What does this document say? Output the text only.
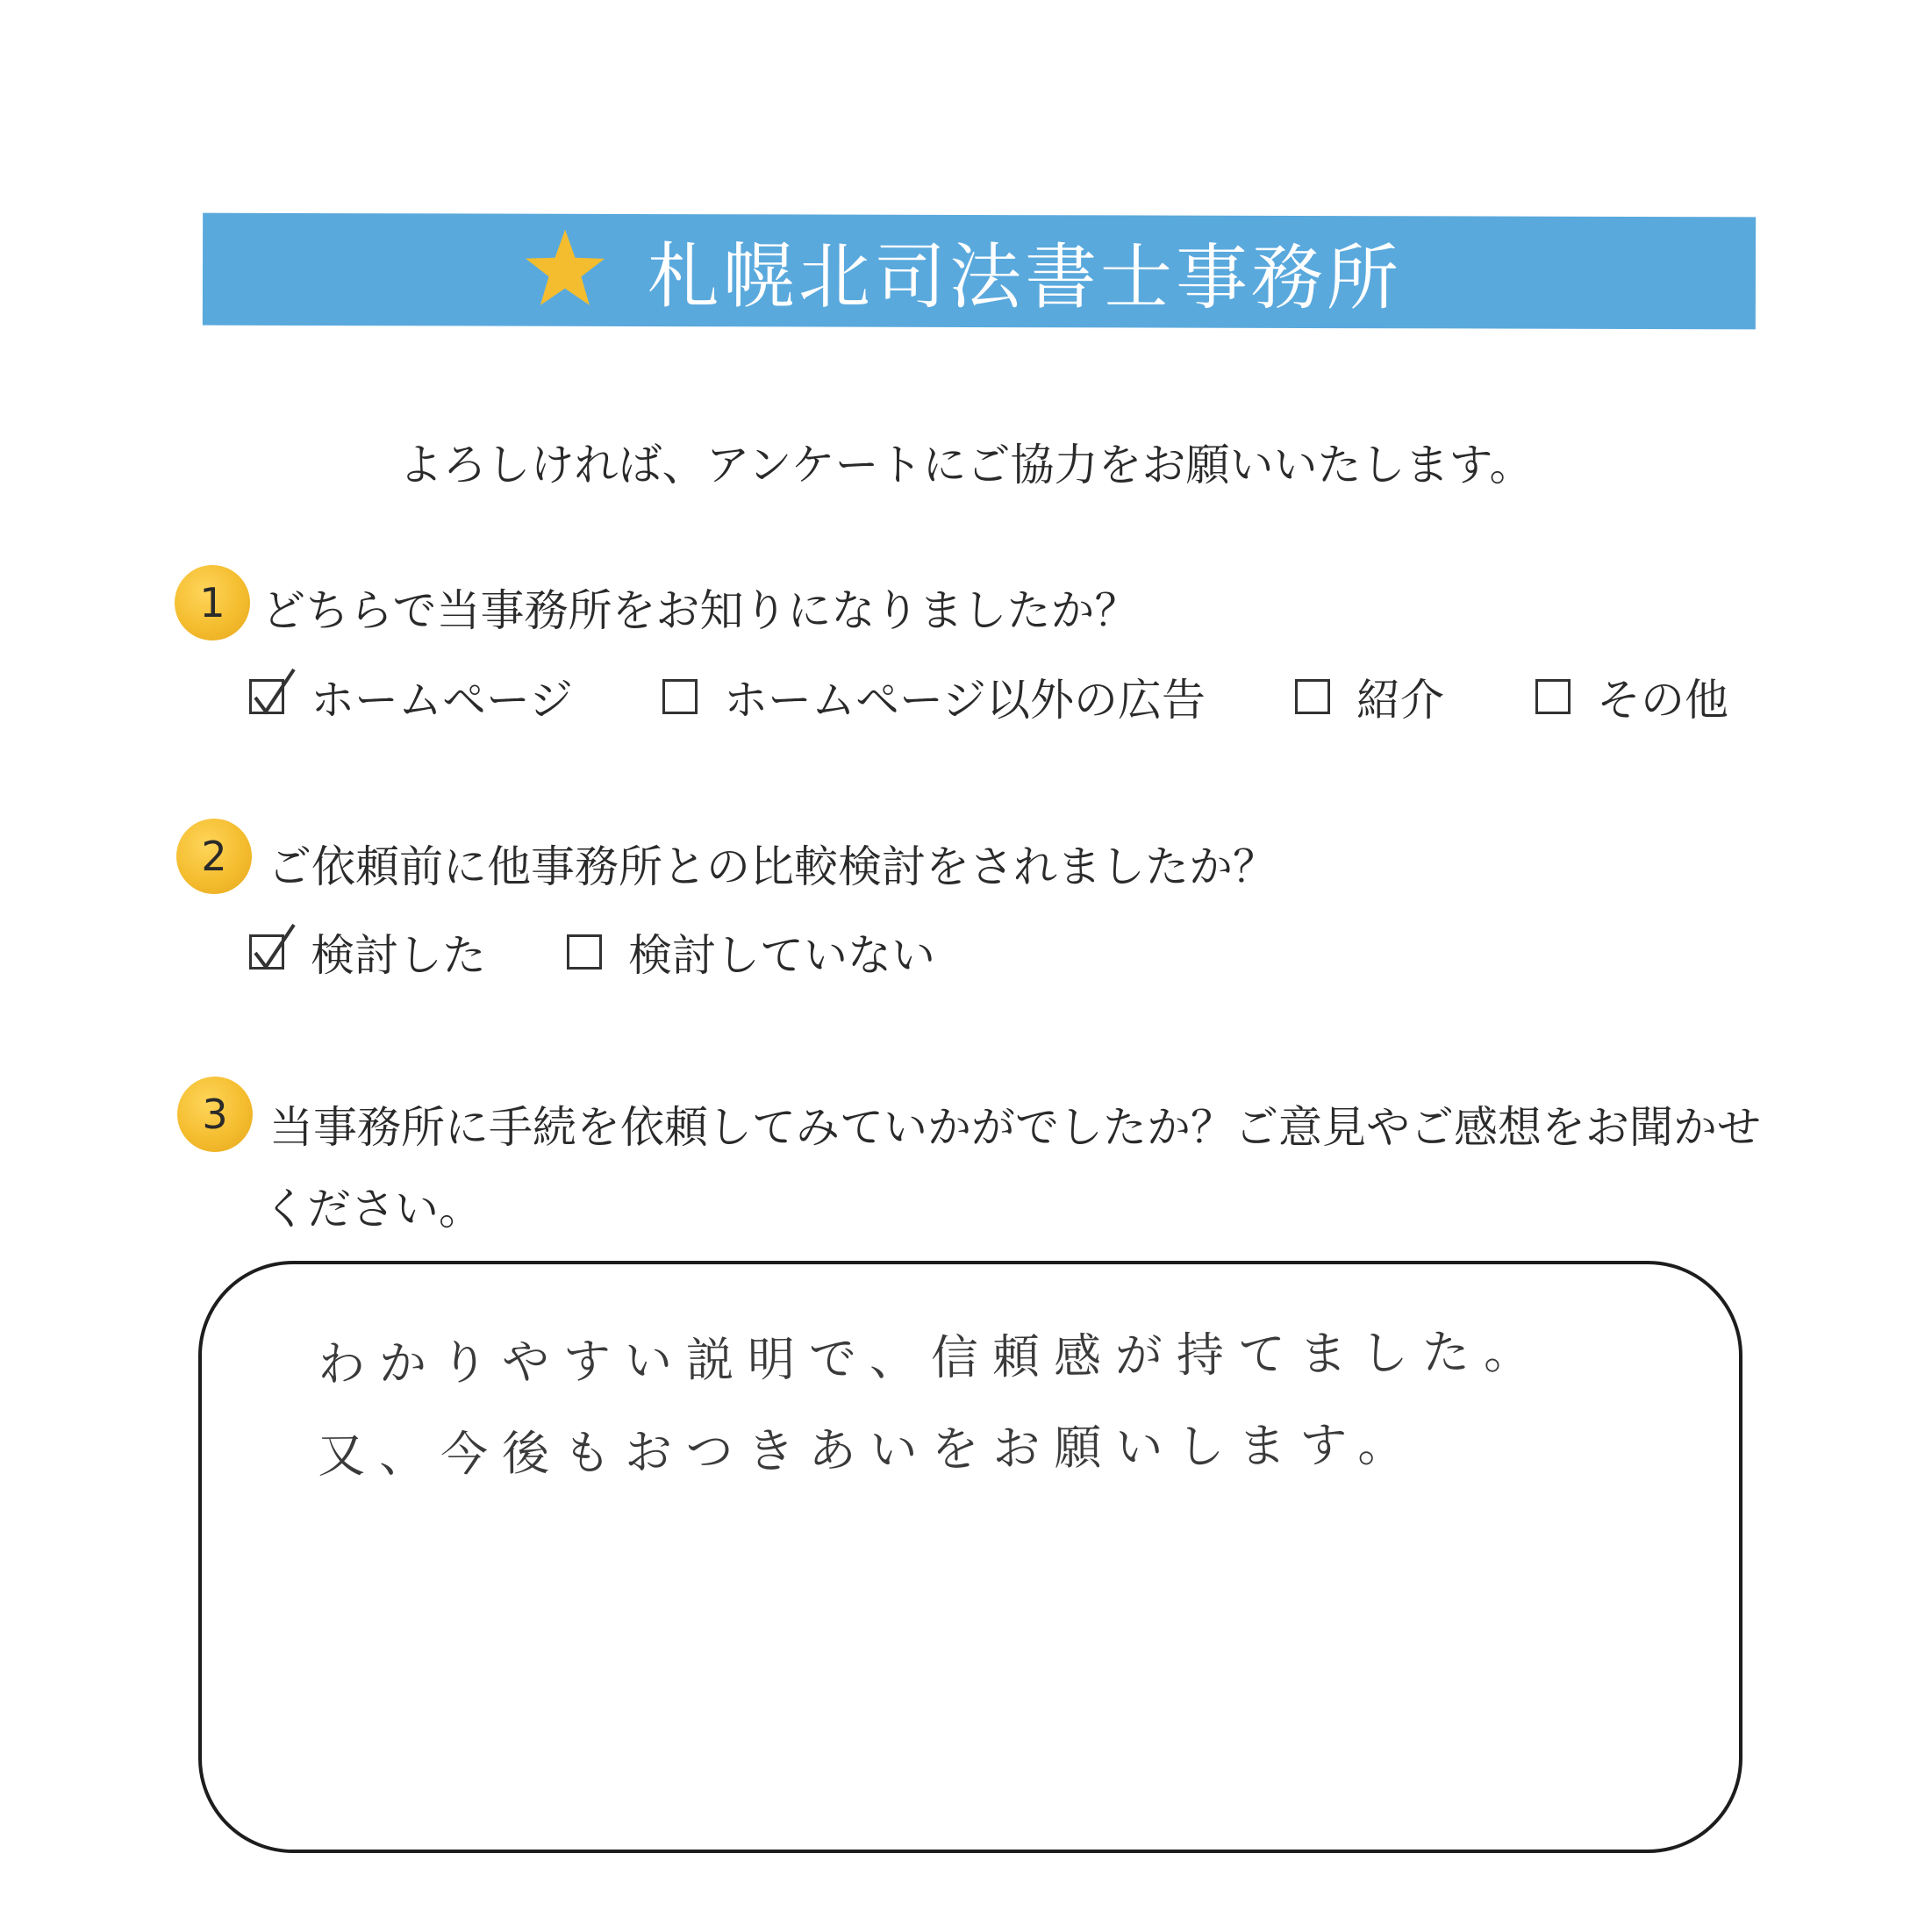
札幌北司法書士事務所
よろしければ、アンケートにご協力をお願いいたします。
1 どちらで当事務所をお知りになりましたか？
ホームページ	ホームページ以外の広告	紹介	その他
2 ご依頼前に他事務所との比較検討をされましたか？
検討した	検討していない
3 当事務所に手続を依頼してみていかがでしたか？ご意見やご感想をお聞かせ
ください。
わかりやすい説明で、信頼感が持てました。
又、今後もおつきあいをお願いします。
